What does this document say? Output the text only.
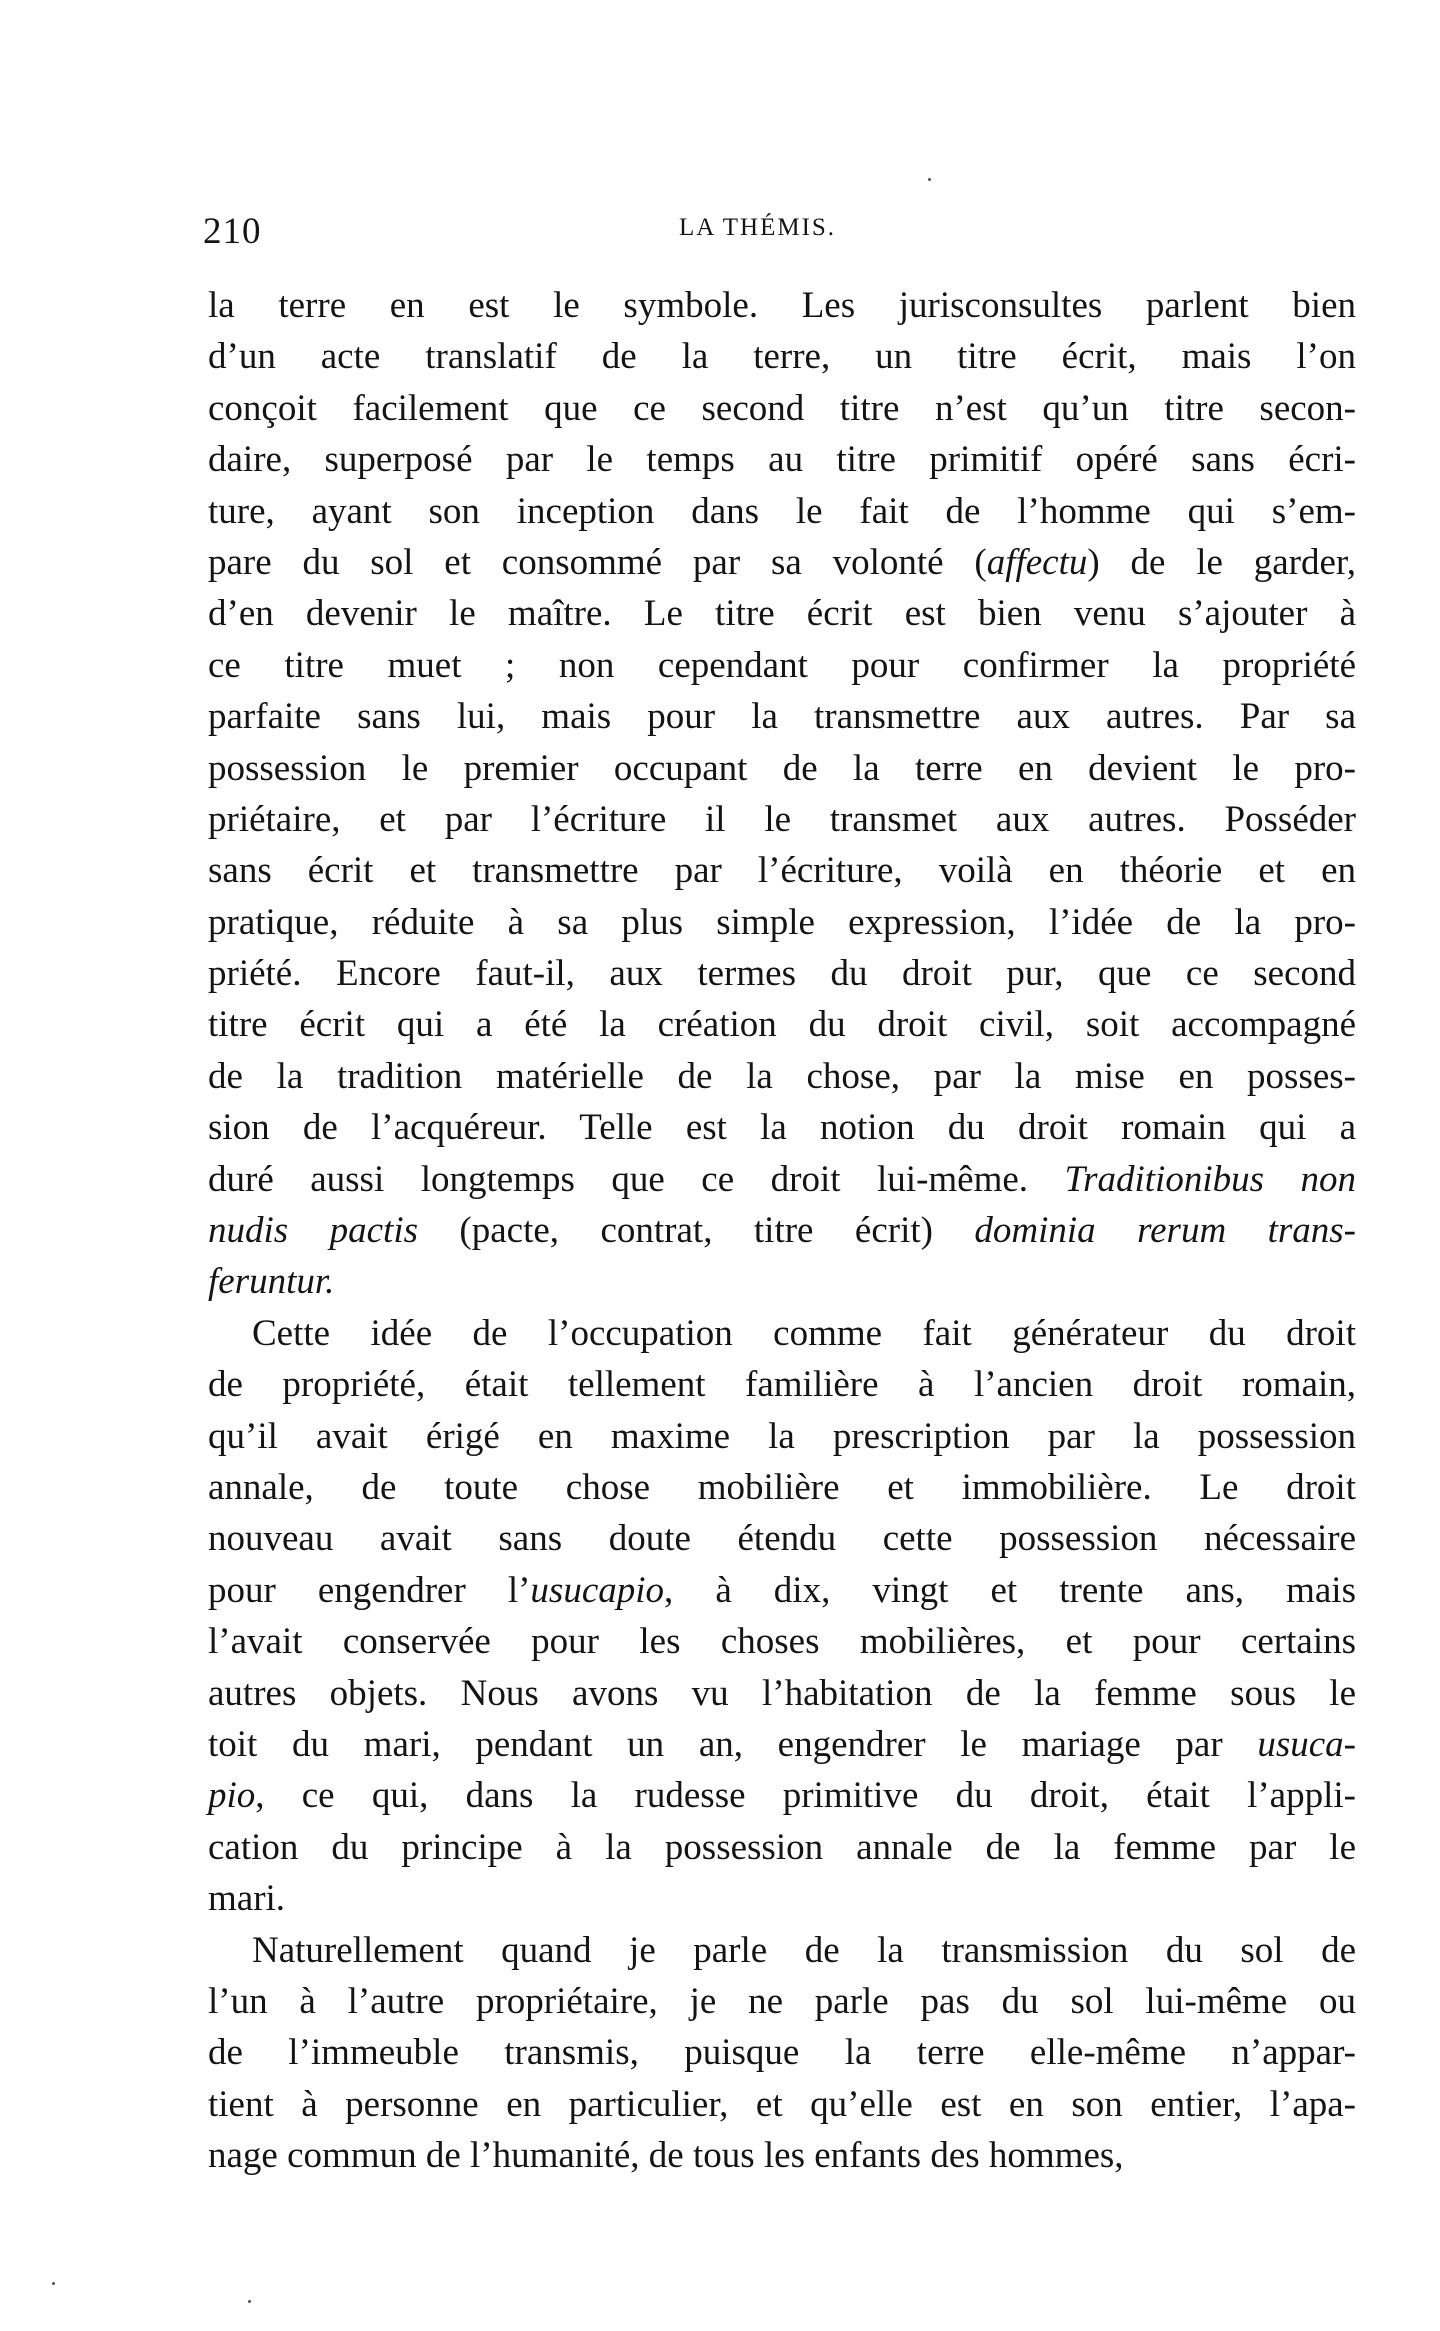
210	LA THÉMIS.
la terre en est le symbole. Les jurisconsultes parlent bien
d’un acte translatif de la terre, un titre écrit, mais l’on
conçoit facilement que ce second titre n’est qu’un titre secon-
daire, superposé par le temps au titre primitif opéré sans écri-
ture, ayant son inception dans le fait de l’homme qui s’em-
pare du sol et consommé par sa volonté (affectu) de le garder,
d’en devenir le maître. Le titre écrit est bien venu s’ajouter à
ce titre muet ; non cependant pour confirmer la propriété
parfaite sans lui, mais pour la transmettre aux autres. Par sa
possession le premier occupant de la terre en devient le pro-
priétaire, et par l’écriture il le transmet aux autres. Posséder
sans écrit et transmettre par l’écriture, voilà en théorie et en
pratique, réduite à sa plus simple expression, l’idée de la pro-
priété. Encore faut-il, aux termes du droit pur, que ce second
titre écrit qui a été la création du droit civil, soit accompagné
de la tradition matérielle de la chose, par la mise en posses-
sion de l’acquéreur. Telle est la notion du droit romain qui a
duré aussi longtemps que ce droit lui-même. Traditionibus non
nudis pactis (pacte, contrat, titre écrit) dominia rerum trans-
feruntur.
Cette idée de l’occupation comme fait générateur du droit
de propriété, était tellement familière à l’ancien droit romain,
qu’il avait érigé en maxime la prescription par la possession
annale, de toute chose mobilière et immobilière. Le droit
nouveau avait sans doute étendu cette possession nécessaire
pour engendrer l’usucapio, à dix, vingt et trente ans, mais
l’avait conservée pour les choses mobilières, et pour certains
autres objets. Nous avons vu l’habitation de la femme sous le
toit du mari, pendant un an, engendrer le mariage par usuca-
pio, ce qui, dans la rudesse primitive du droit, était l’appli-
cation du principe à la possession annale de la femme par le
mari.
Naturellement quand je parle de la transmission du sol de
l’un à l’autre propriétaire, je ne parle pas du sol lui-même ou
de l’immeuble transmis, puisque la terre elle-même n’appar-
tient à personne en particulier, et qu’elle est en son entier, l’apa-
nage commun de l’humanité, de tous les enfants des hommes,
